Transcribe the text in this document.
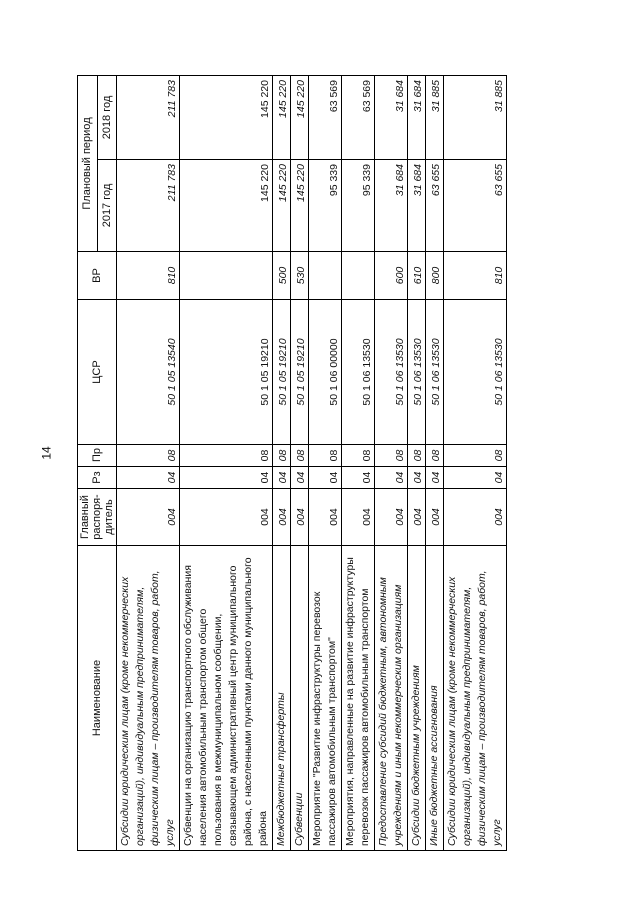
14
Наименование	Главный распоря-дитель	Рз	Пр	ЦСР	ВР	Плановый период	
						2017 год	2018 год
Субсидии юридическим лицам (кроме некоммерческих организаций), индивидуальным предпринимателям, физическим лицам – производителям товаров, работ, услуг	004	04	08	50 1 05 13540	810	211 783	211 783
Субвенции на организацию транспортного обслуживания населения автомобильным транспортом общего пользования в межмуниципальном сообщении, связывающем административный центр муниципального района, с населенными пунктами данного муниципального района	004	04	08	50 1 05 19210		145 220	145 220
Межбюджетные трансферты	004	04	08	50 1 05 19210	500	145 220	145 220
Субвенции	004	04	08	50 1 05 19210	530	145 220	145 220
Мероприятие "Развитие инфраструктуры перевозок пассажиров автомобильным транспортом"	004	04	08	50 1 06 00000		95 339	63 569
Мероприятия, направленные на развитие инфраструктуры перевозок пассажиров автомобильным транспортом	004	04	08	50 1 06 13530		95 339	63 569
Предоставление субсидий бюджетным, автономным учреждениям и иным некоммерческим организациям	004	04	08	50 1 06 13530	600	31 684	31 684
Субсидии бюджетным учреждениям	004	04	08	50 1 06 13530	610	31 684	31 684
Иные бюджетные ассигнования	004	04	08	50 1 06 13530	800	63 655	31 885
Субсидии юридическим лицам (кроме некоммерческих организаций), индивидуальным предпринимателям, физическим лицам – производителям товаров, работ, услуг	004	04	08	50 1 06 13530	810	63 655	31 885
